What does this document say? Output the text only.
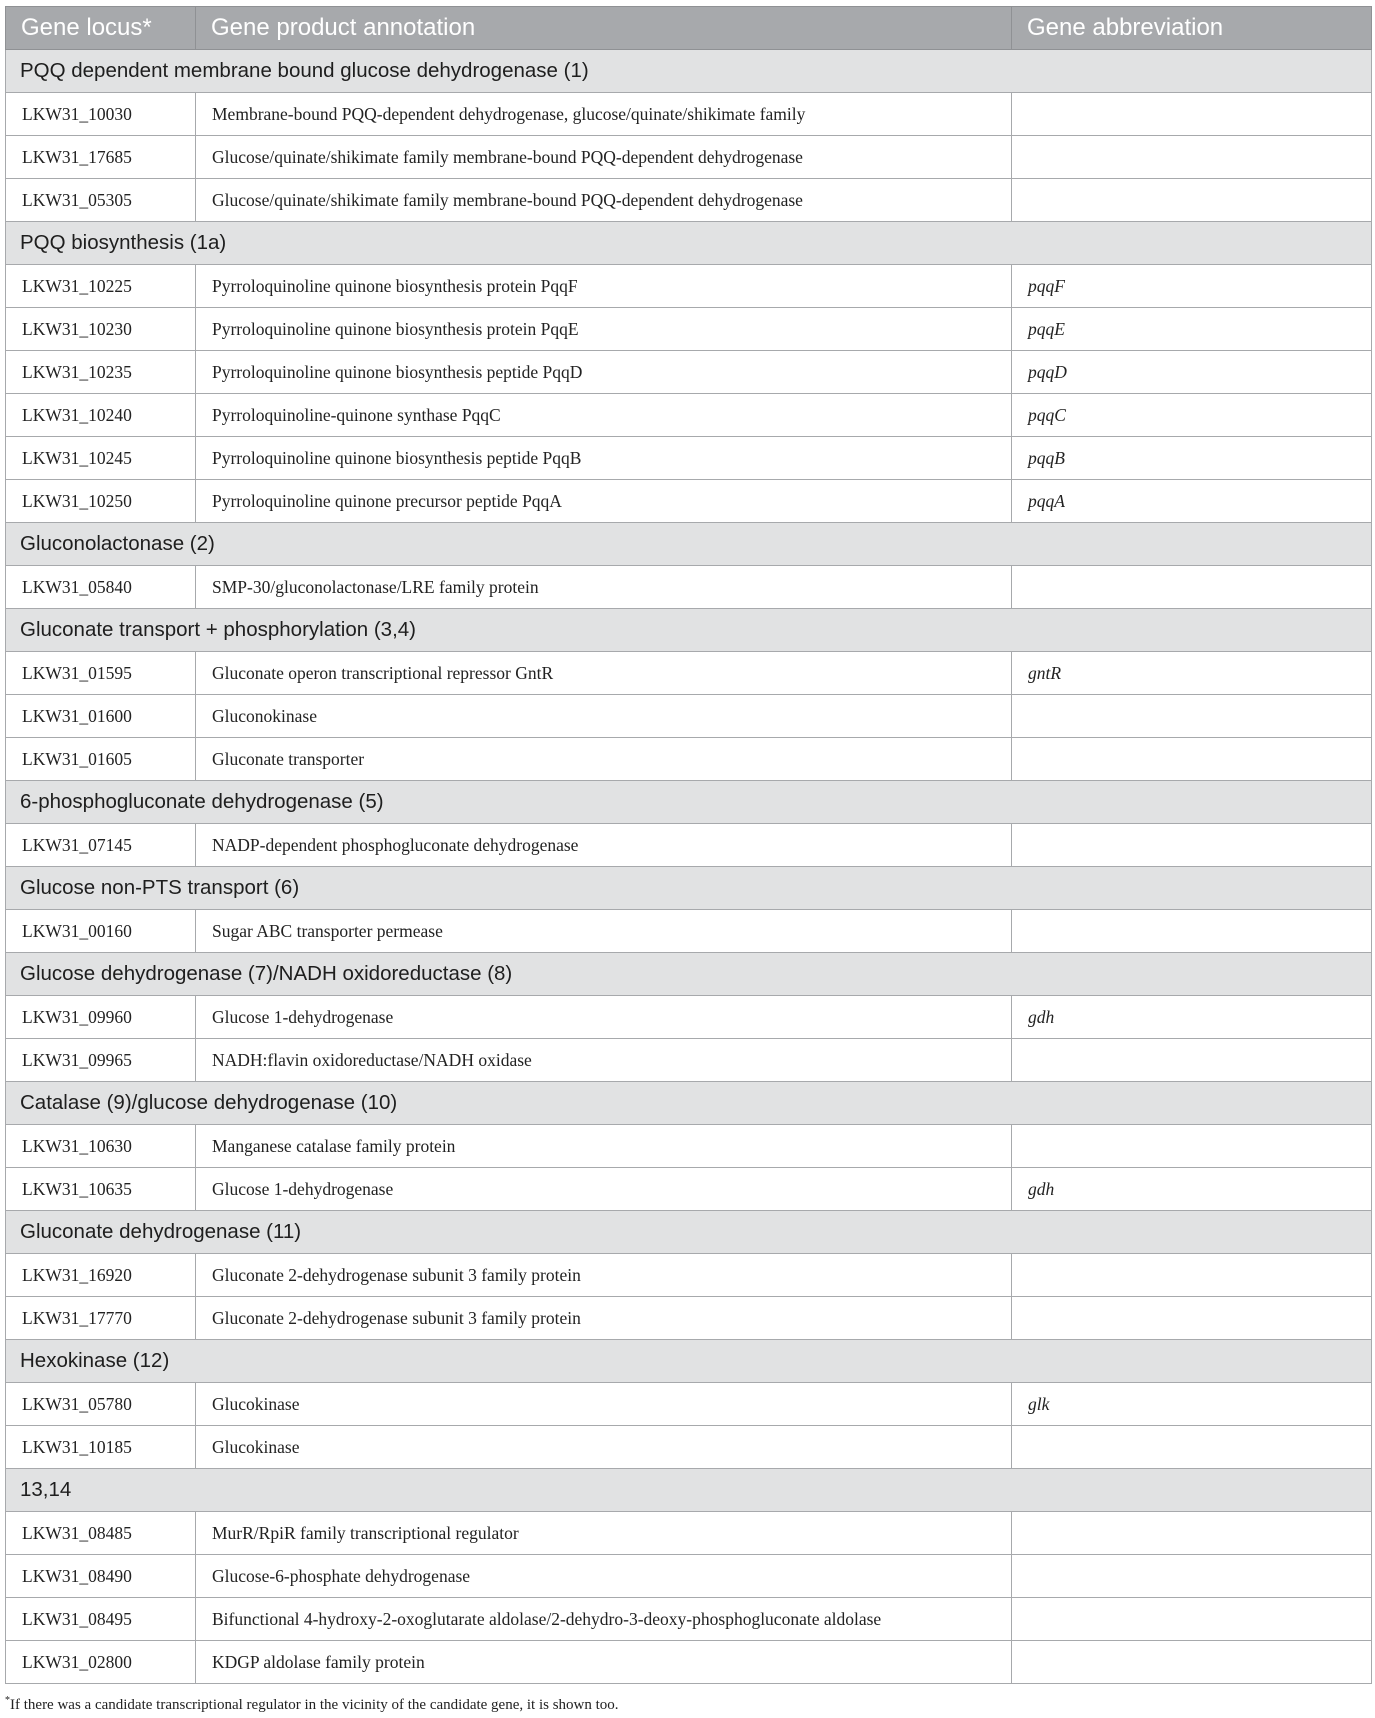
Gene locus*	Gene product annotation	Gene abbreviation
PQQ dependent membrane bound glucose dehydrogenase (1)		
LKW31_10030	Membrane-bound PQQ-dependent dehydrogenase, glucose/quinate/shikimate family	
LKW31_17685	Glucose/quinate/shikimate family membrane-bound PQQ-dependent dehydrogenase	
LKW31_05305	Glucose/quinate/shikimate family membrane-bound PQQ-dependent dehydrogenase	
PQQ biosynthesis (1a)		
LKW31_10225	Pyrroloquinoline quinone biosynthesis protein PqqF	pqqF
LKW31_10230	Pyrroloquinoline quinone biosynthesis protein PqqE	pqqE
LKW31_10235	Pyrroloquinoline quinone biosynthesis peptide PqqD	pqqD
LKW31_10240	Pyrroloquinoline-quinone synthase PqqC	pqqC
LKW31_10245	Pyrroloquinoline quinone biosynthesis peptide PqqB	pqqB
LKW31_10250	Pyrroloquinoline quinone precursor peptide PqqA	pqqA
Gluconolactonase (2)		
LKW31_05840	SMP-30/gluconolactonase/LRE family protein	
Gluconate transport + phosphorylation (3,4)		
LKW31_01595	Gluconate operon transcriptional repressor GntR	gntR
LKW31_01600	Gluconokinase	
LKW31_01605	Gluconate transporter	
6-phosphogluconate dehydrogenase (5)		
LKW31_07145	NADP-dependent phosphogluconate dehydrogenase	
Glucose non-PTS transport (6)		
LKW31_00160	Sugar ABC transporter permease	
Glucose dehydrogenase (7)/NADH oxidoreductase (8)		
LKW31_09960	Glucose 1-dehydrogenase	gdh
LKW31_09965	NADH:flavin oxidoreductase/NADH oxidase	
Catalase (9)/glucose dehydrogenase (10)		
LKW31_10630	Manganese catalase family protein	
LKW31_10635	Glucose 1-dehydrogenase	gdh
Gluconate dehydrogenase (11)		
LKW31_16920	Gluconate 2-dehydrogenase subunit 3 family protein	
LKW31_17770	Gluconate 2-dehydrogenase subunit 3 family protein	
Hexokinase (12)		
LKW31_05780	Glucokinase	glk
LKW31_10185	Glucokinase	
13,14		
LKW31_08485	MurR/RpiR family transcriptional regulator	
LKW31_08490	Glucose-6-phosphate dehydrogenase	
LKW31_08495	Bifunctional 4-hydroxy-2-oxoglutarate aldolase/2-dehydro-3-deoxy-phosphogluconate aldolase	
LKW31_02800	KDGP aldolase family protein	
*If there was a candidate transcriptional regulator in the vicinity of the candidate gene, it is shown too.
